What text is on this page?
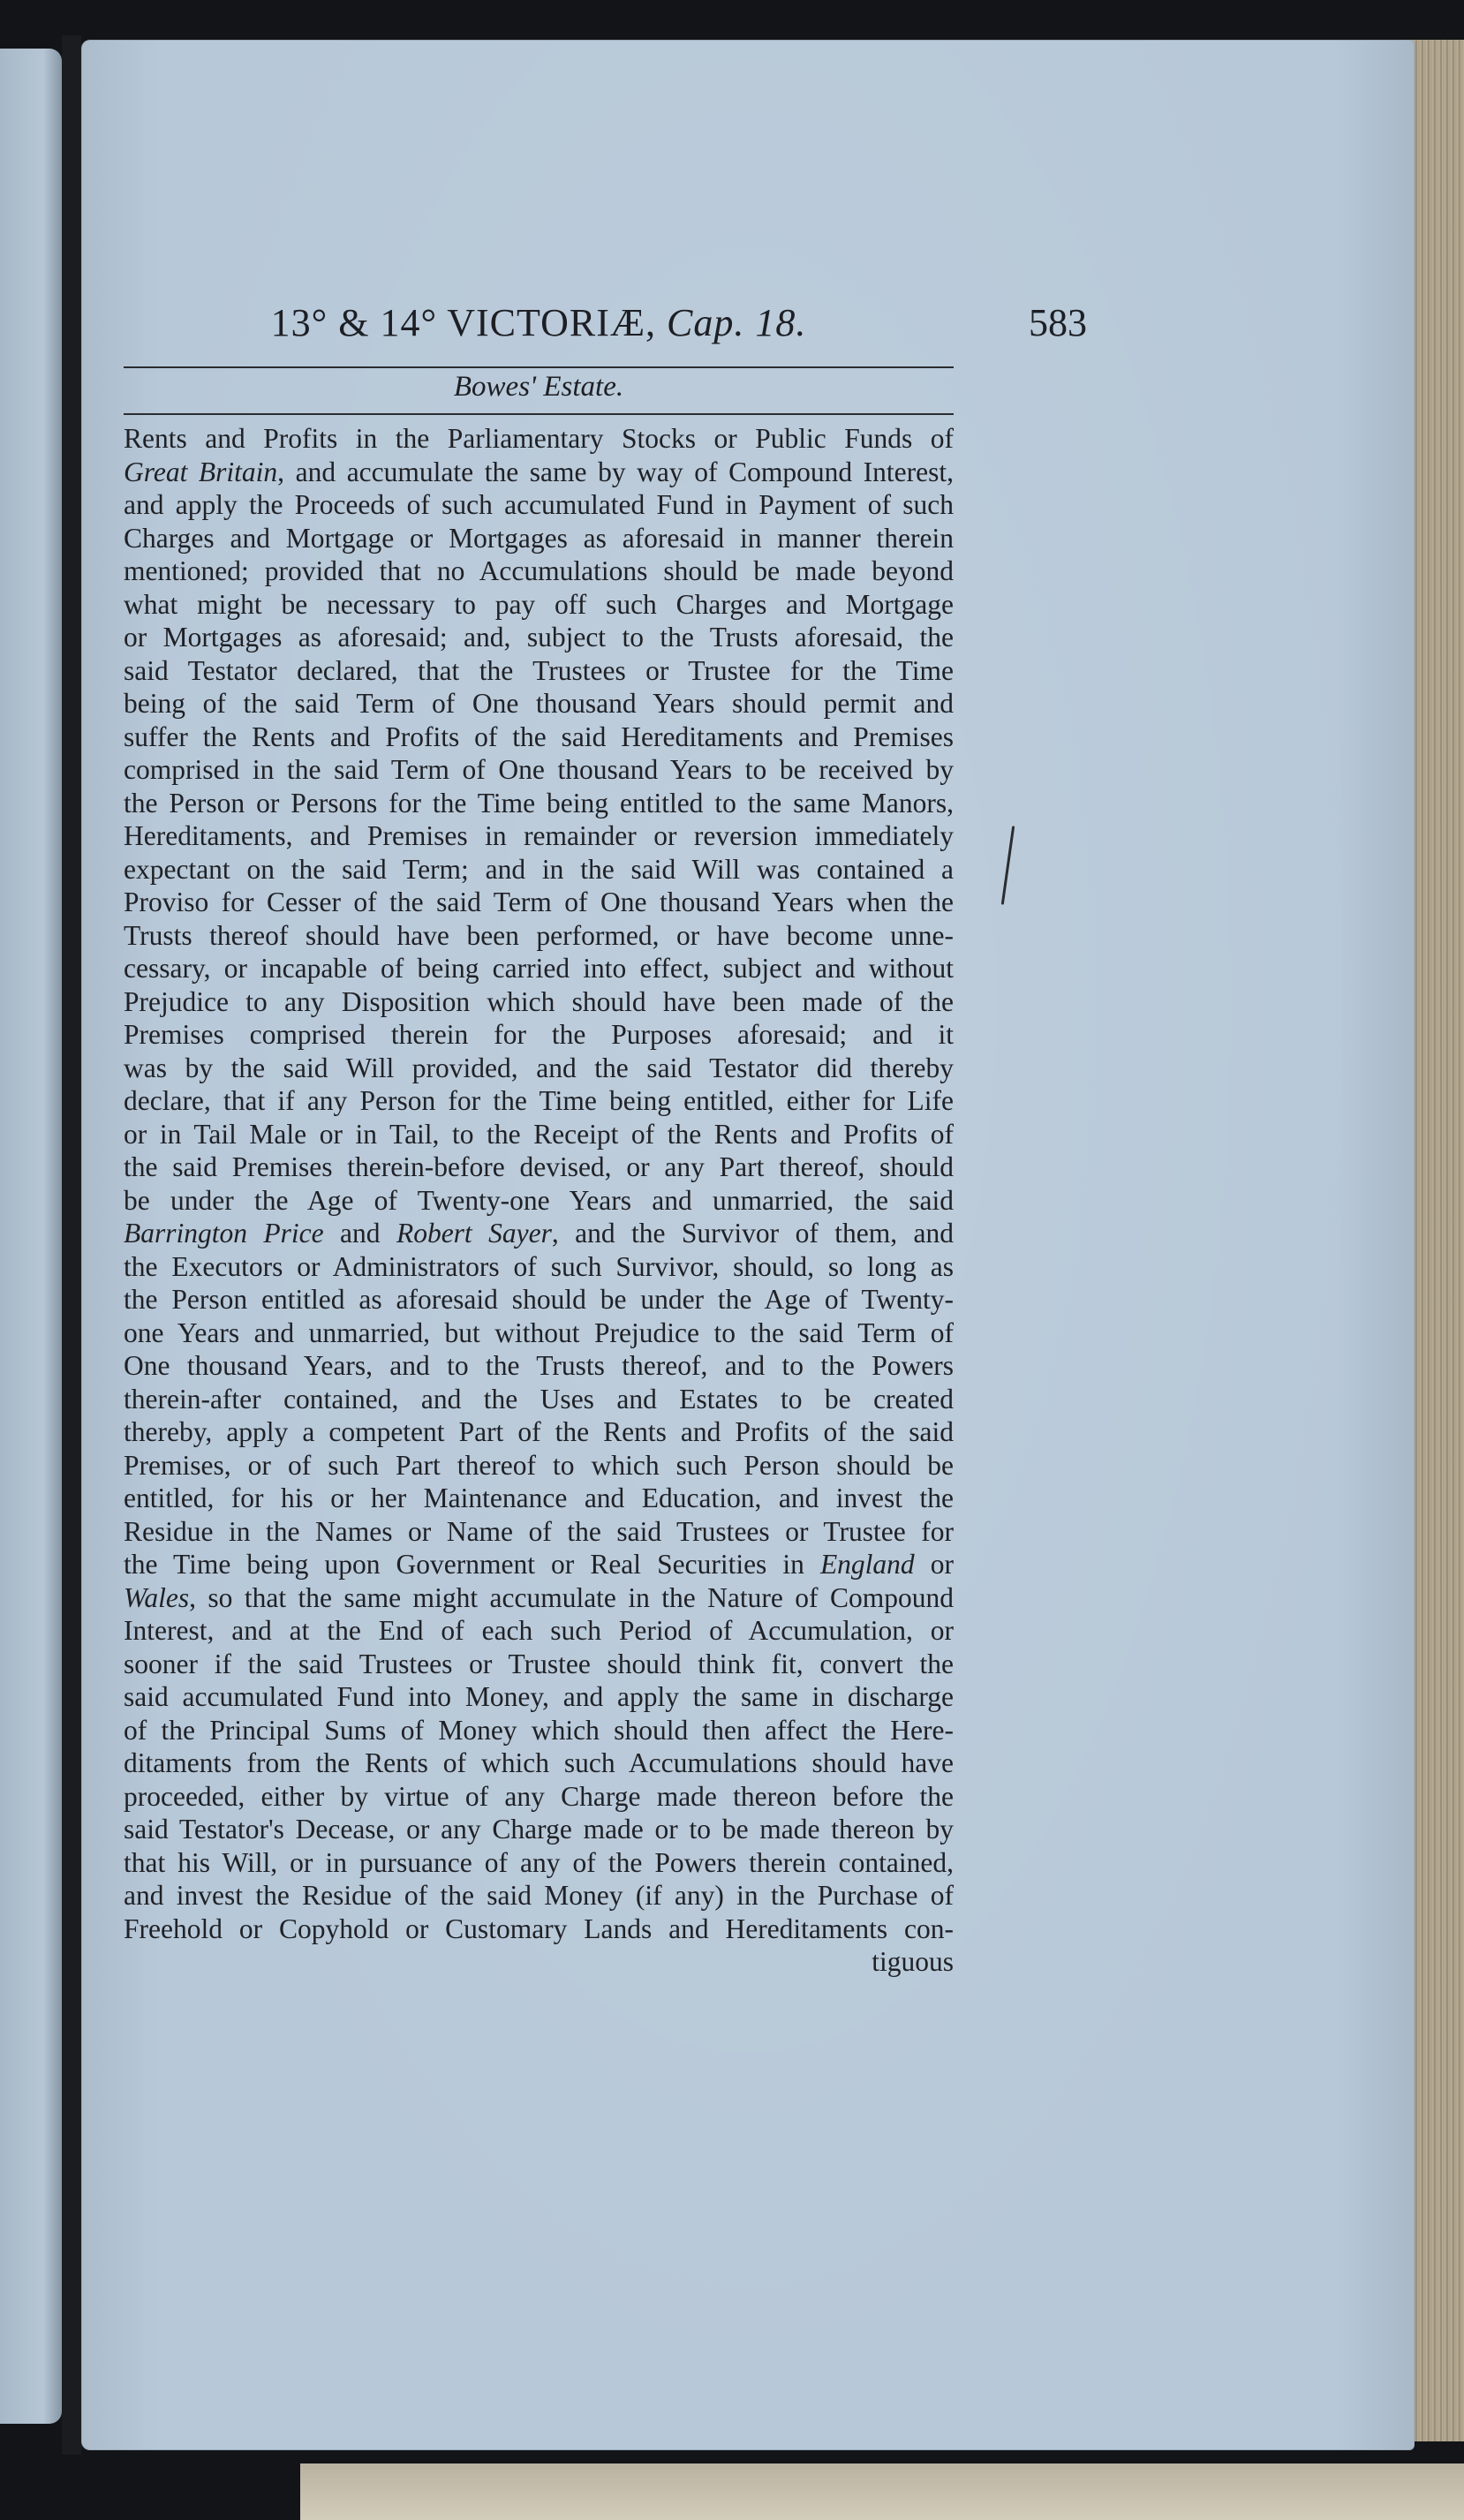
13° & 14° VICTORIÆ, Cap. 18.	583
Bowes' Estate.
Rents and Profits in the Parliamentary Stocks or Public Funds of
Great Britain, and accumulate the same by way of Compound Interest,
and apply the Proceeds of such accumulated Fund in Payment of such
Charges and Mortgage or Mortgages as aforesaid in manner therein
mentioned; provided that no Accumulations should be made beyond
what might be necessary to pay off such Charges and Mortgage
or Mortgages as aforesaid; and, subject to the Trusts aforesaid, the
said Testator declared, that the Trustees or Trustee for the Time
being of the said Term of One thousand Years should permit and
suffer the Rents and Profits of the said Hereditaments and Premises
comprised in the said Term of One thousand Years to be received by
the Person or Persons for the Time being entitled to the same Manors,
Hereditaments, and Premises in remainder or reversion immediately
expectant on the said Term; and in the said Will was contained a
Proviso for Cesser of the said Term of One thousand Years when the
Trusts thereof should have been performed, or have become unne-
cessary, or incapable of being carried into effect, subject and without
Prejudice to any Disposition which should have been made of the
Premises comprised therein for the Purposes aforesaid; and it
was by the said Will provided, and the said Testator did thereby
declare, that if any Person for the Time being entitled, either for Life
or in Tail Male or in Tail, to the Receipt of the Rents and Profits of
the said Premises therein-before devised, or any Part thereof, should
be under the Age of Twenty-one Years and unmarried, the said
Barrington Price and Robert Sayer, and the Survivor of them, and
the Executors or Administrators of such Survivor, should, so long as
the Person entitled as aforesaid should be under the Age of Twenty-
one Years and unmarried, but without Prejudice to the said Term of
One thousand Years, and to the Trusts thereof, and to the Powers
therein-after contained, and the Uses and Estates to be created
thereby, apply a competent Part of the Rents and Profits of the said
Premises, or of such Part thereof to which such Person should be
entitled, for his or her Maintenance and Education, and invest the
Residue in the Names or Name of the said Trustees or Trustee for
the Time being upon Government or Real Securities in England or
Wales, so that the same might accumulate in the Nature of Compound
Interest, and at the End of each such Period of Accumulation, or
sooner if the said Trustees or Trustee should think fit, convert the
said accumulated Fund into Money, and apply the same in discharge
of the Principal Sums of Money which should then affect the Here-
ditaments from the Rents of which such Accumulations should have
proceeded, either by virtue of any Charge made thereon before the
said Testator's Decease, or any Charge made or to be made thereon by
that his Will, or in pursuance of any of the Powers therein contained,
and invest the Residue of the said Money (if any) in the Purchase of
Freehold or Copyhold or Customary Lands and Hereditaments con-
tiguous
